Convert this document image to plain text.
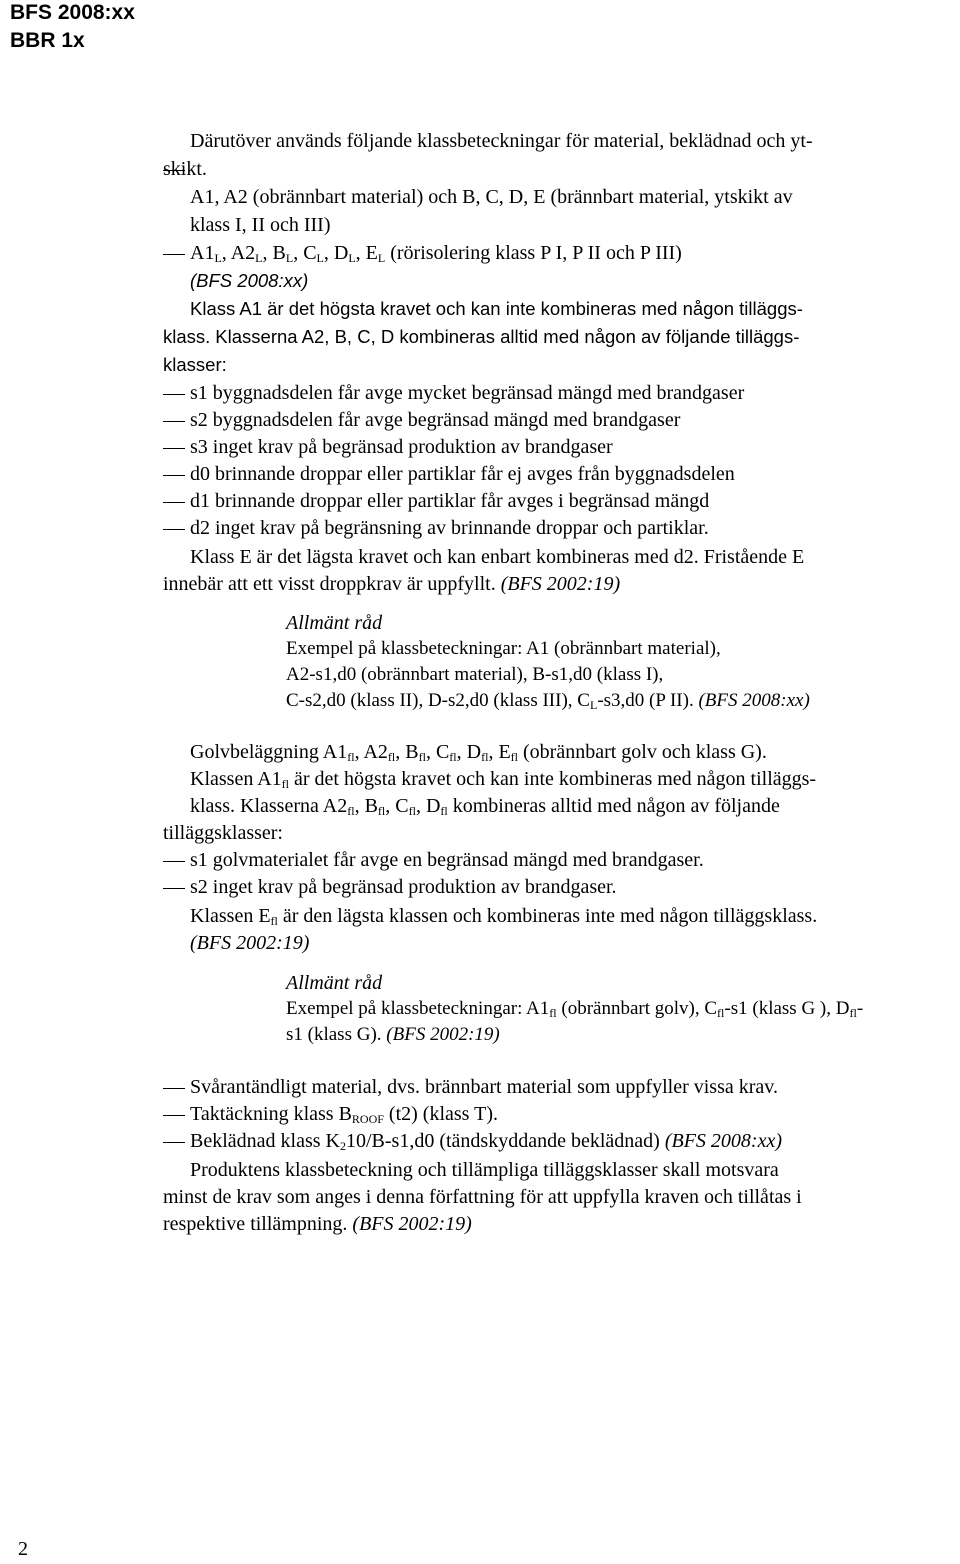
BFS 2008:xx
BBR 1x
Därutöver används följande klassbeteckningar för material, beklädnad och yt-
skikt.
A1, A2 (obrännbart material) och B, C, D, E (brännbart material, ytskikt av
klass I, II och III)
$A1_L$, $A2_L$, $B_L$, $C_L$, $D_L$, $E_L$ (rörisolering klass P I, P II och P III)
(BFS 2008:xx)
Klass A1 är det högsta kravet och kan inte kombineras med någon tilläggs-
klass. Klasserna A2, B, C, D kombineras alltid med någon av följande tilläggs-
klasser:
s1 byggnadsdelen får avge mycket begränsad mängd med brandgaser
s2 byggnadsdelen får avge begränsad mängd med brandgaser
s3 inget krav på begränsad produktion av brandgaser
d0 brinnande droppar eller partiklar får ej avges från byggnadsdelen
d1 brinnande droppar eller partiklar får avges i begränsad mängd
d2 inget krav på begränsning av brinnande droppar och partiklar.
Klass E är det lägsta kravet och kan enbart kombineras med d2. Fristående E
innebär att ett visst droppkrav är uppfyllt. (BFS 2002:19)
Allmänt råd
Exempel på klassbeteckningar: A1 (obrännbart material),
A2-s1,d0 (obrännbart material), B-s1,d0 (klass I),
C-s2,d0 (klass II), D-s2,d0 (klass III), $C_L-s3,d0$ (P II). (BFS 2008:xx)
Golvbeläggning $A1_{fl}$, $A2_{fl}$, $B_{fl}$, $C_{fl}$, $D_{fl}$, $E_{fl}$ (obrännbart golv och klass G).
Klassen $A1_{fl}$ är det högsta kravet och kan inte kombineras med någon tilläggs-
klass. Klasserna $A2_{fl}$, $B_{fl}$, $C_{fl}$, $D_{fl}$ kombineras alltid med någon av följande
tilläggsklasser:
s1 golvmaterialet får avge en begränsad mängd med brandgaser.
s2 inget krav på begränsad produktion av brandgaser.
Klassen $E_{fl}$ är den lägsta klassen och kombineras inte med någon tilläggsklass.
(BFS 2002:19)
Allmänt råd
Exempel på klassbeteckningar: $A1_{fl}$ (obrännbart golv), $C_{fl}-s1$ (klass G ), $D_{fl}-$
s1 (klass G). (BFS 2002:19)
Svårantändligt material, dvs. brännbart material som uppfyller vissa krav.
Taktäckning klass $B_{ROOF}$ (t2) (klass T).
Beklädnad klass $K_210/B-s1,d0$ (tändskyddande beklädnad) (BFS 2008:xx)
Produktens klassbeteckning och tillämpliga tilläggsklasser skall motsvara
minst de krav som anges i denna författning för att uppfylla kraven och tillåtas i
respektive tillämpning. (BFS 2002:19)
2
